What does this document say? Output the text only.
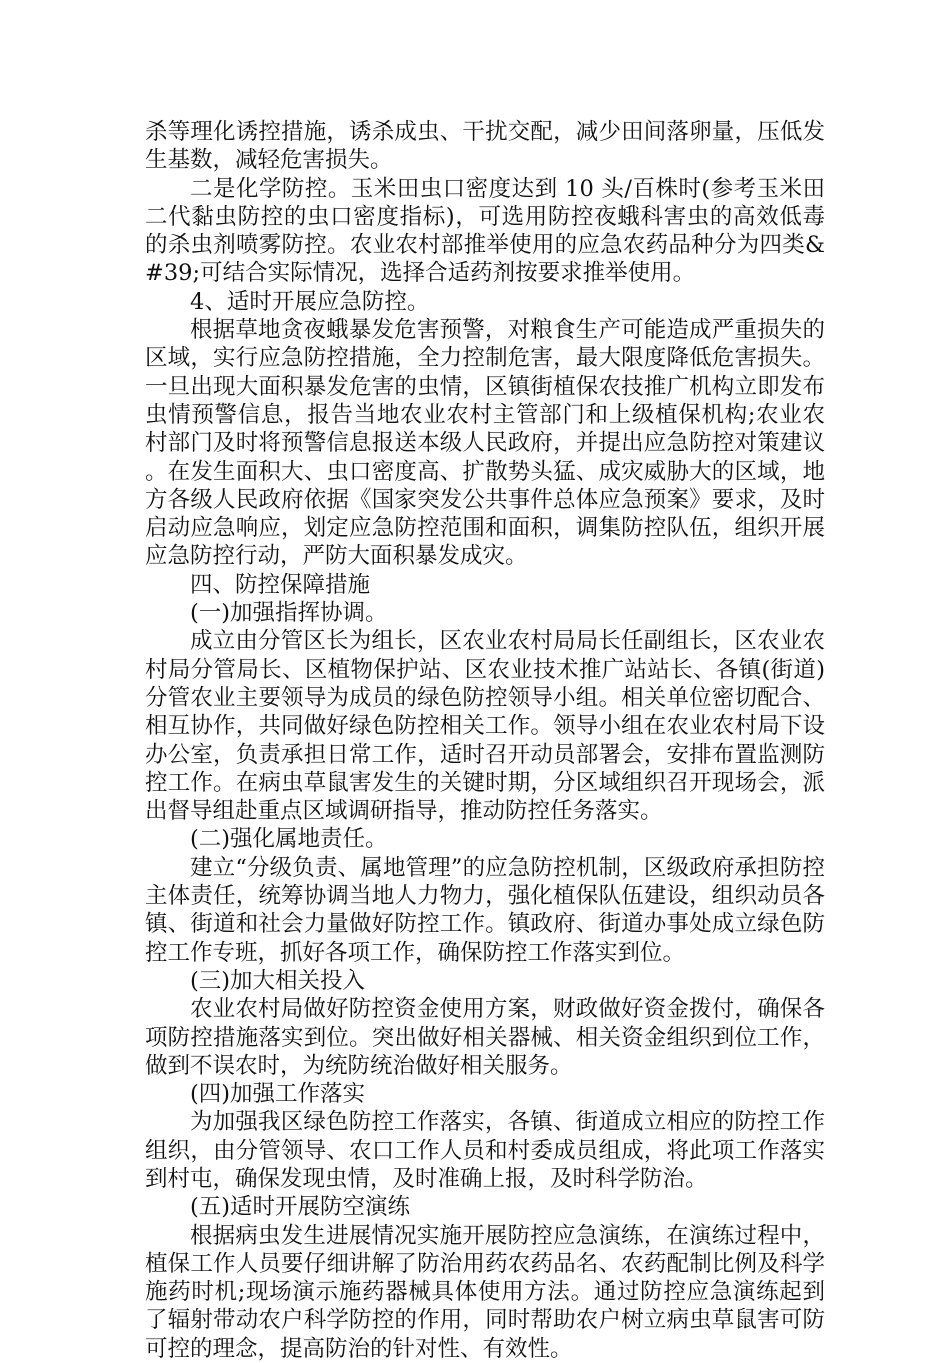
杀等理化诱控措施，诱杀成虫、干扰交配，减少田间落卵量，压低发生基数，减轻危害损失。

二是化学防控。玉米田虫口密度达到 10 头/百株时(参考玉米田二代黏虫防控的虫口密度指标)，可选用防控夜蛾科害虫的高效低毒的杀虫剂喷雾防控。农业农村部推举使用的应急农药品种分为四类&#39;可结合实际情况，选择合适药剂按要求推举使用。

4、适时开展应急防控。

根据草地贪夜蛾暴发危害预警，对粮食生产可能造成严重损失的区域，实行应急防控措施，全力控制危害，最大限度降低危害损失。一旦出现大面积暴发危害的虫情，区镇街植保农技推广机构立即发布虫情预警信息，报告当地农业农村主管部门和上级植保机构;农业农村部门及时将预警信息报送本级人民政府，并提出应急防控对策建议。在发生面积大、虫口密度高、扩散势头猛、成灾威胁大的区域，地方各级人民政府依据《国家突发公共事件总体应急预案》要求，及时启动应急响应，划定应急防控范围和面积，调集防控队伍，组织开展应急防控行动，严防大面积暴发成灾。

四、防控保障措施

(一)加强指挥协调。

成立由分管区长为组长，区农业农村局局长任副组长，区农业农村局分管局长、区植物保护站、区农业技术推广站站长、各镇(街道)分管农业主要领导为成员的绿色防控领导小组。相关单位密切配合、相互协作，共同做好绿色防控相关工作。领导小组在农业农村局下设办公室，负责承担日常工作，适时召开动员部署会，安排布置监测防控工作。在病虫草鼠害发生的关键时期，分区域组织召开现场会，派出督导组赴重点区域调研指导，推动防控任务落实。

(二)强化属地责任。

建立“分级负责、属地管理”的应急防控机制，区级政府承担防控主体责任，统筹协调当地人力物力，强化植保队伍建设，组织动员各镇、街道和社会力量做好防控工作。镇政府、街道办事处成立绿色防控工作专班，抓好各项工作，确保防控工作落实到位。

(三)加大相关投入

农业农村局做好防控资金使用方案，财政做好资金拨付，确保各项防控措施落实到位。突出做好相关器械、相关资金组织到位工作，做到不误农时，为统防统治做好相关服务。

(四)加强工作落实

为加强我区绿色防控工作落实，各镇、街道成立相应的防控工作组织，由分管领导、农口工作人员和村委成员组成，将此项工作落实到村屯，确保发现虫情，及时准确上报，及时科学防治。

(五)适时开展防空演练

根据病虫发生进展情况实施开展防控应急演练，在演练过程中，植保工作人员要仔细讲解了防治用药农药品名、农药配制比例及科学施药时机;现场演示施药器械具体使用方法。通过防控应急演练起到了辐射带动农户科学防控的作用，同时帮助农户树立病虫草鼠害可防可控的理念，提高防治的针对性、有效性。
